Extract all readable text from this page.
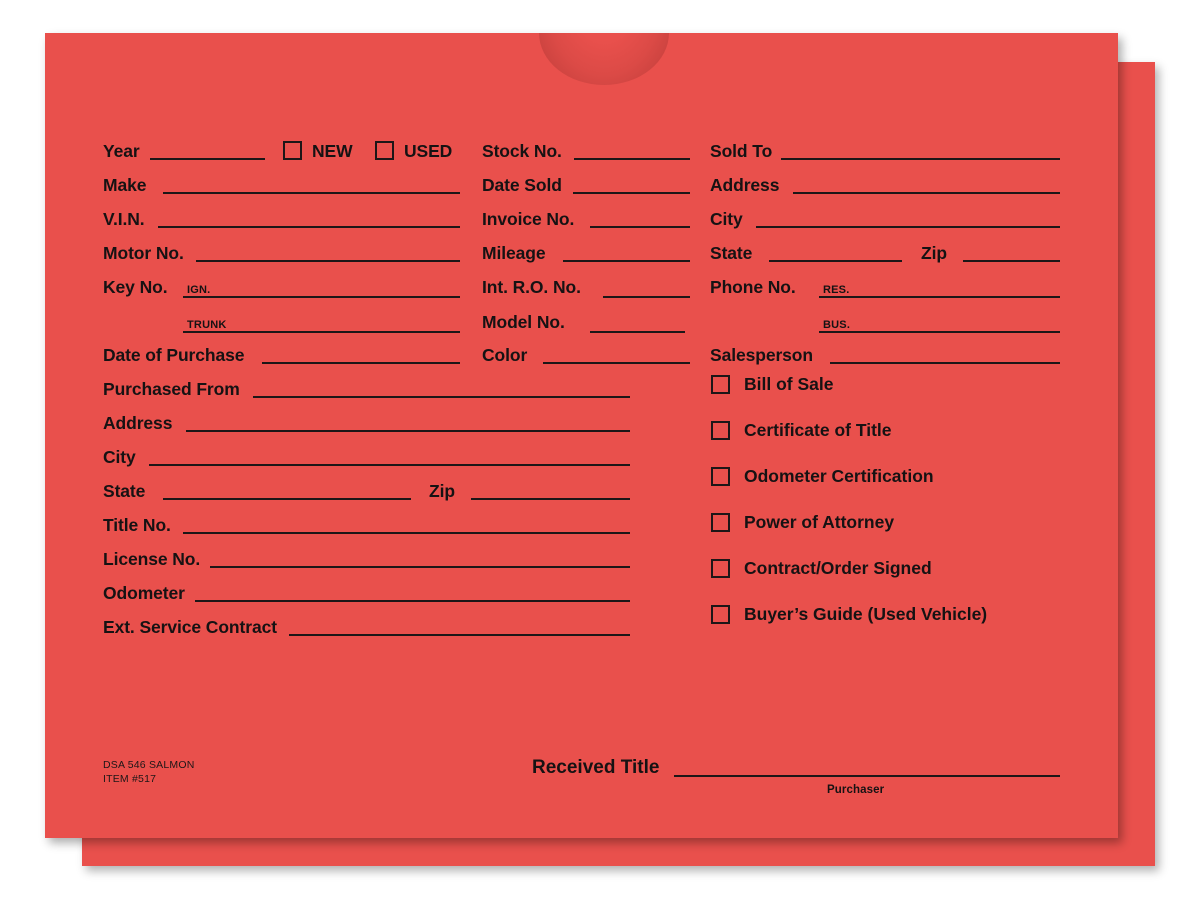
Year	NEW	USED Stock No.	Sold To
Make	Date Sold	Address
V.I.N.	Invoice No.	City
Motor No.	Mileage	State	Zip
Key No. IGN.	Int. R.O. No.	Phone No. RES.
TRUNK	Model No.	BUS.
Date of Purchase	Color	Salesperson
Purchased From
Address
City
State	Zip
Title No.
License No.
Odometer
Ext. Service Contract
Bill of Sale
Certificate of Title
Odometer Certification
Power of Attorney
Contract/Order Signed
Buyer’s Guide (Used Vehicle)
DSA 546 SALMON
ITEM #517
Received Title
Purchaser
